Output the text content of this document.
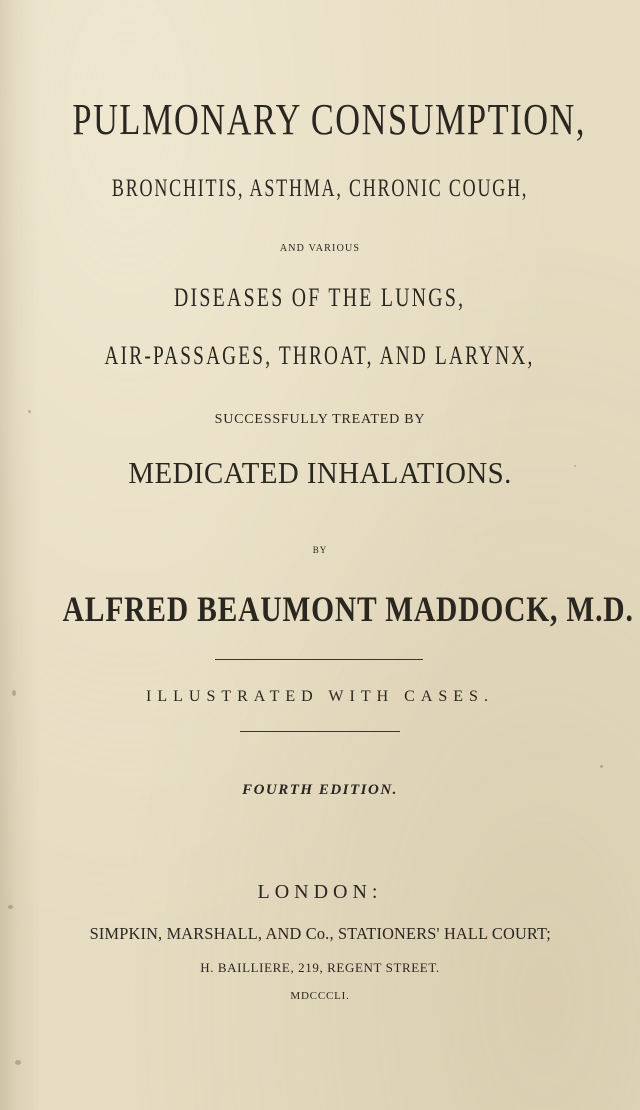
PULMONARY CONSUMPTION,
BRONCHITIS, ASTHMA, CHRONIC COUGH,
AND VARIOUS
DISEASES OF THE LUNGS,
AIR-PASSAGES, THROAT, AND LARYNX,
SUCCESSFULLY TREATED BY
MEDICATED INHALATIONS.
BY
ALFRED BEAUMONT MADDOCK, M.D.
ILLUSTRATED WITH CASES.
FOURTH EDITION.
LONDON:
SIMPKIN, MARSHALL, AND Co., STATIONERS' HALL COURT;
H. BAILLIERE, 219, REGENT STREET.
MDCCCLI.
